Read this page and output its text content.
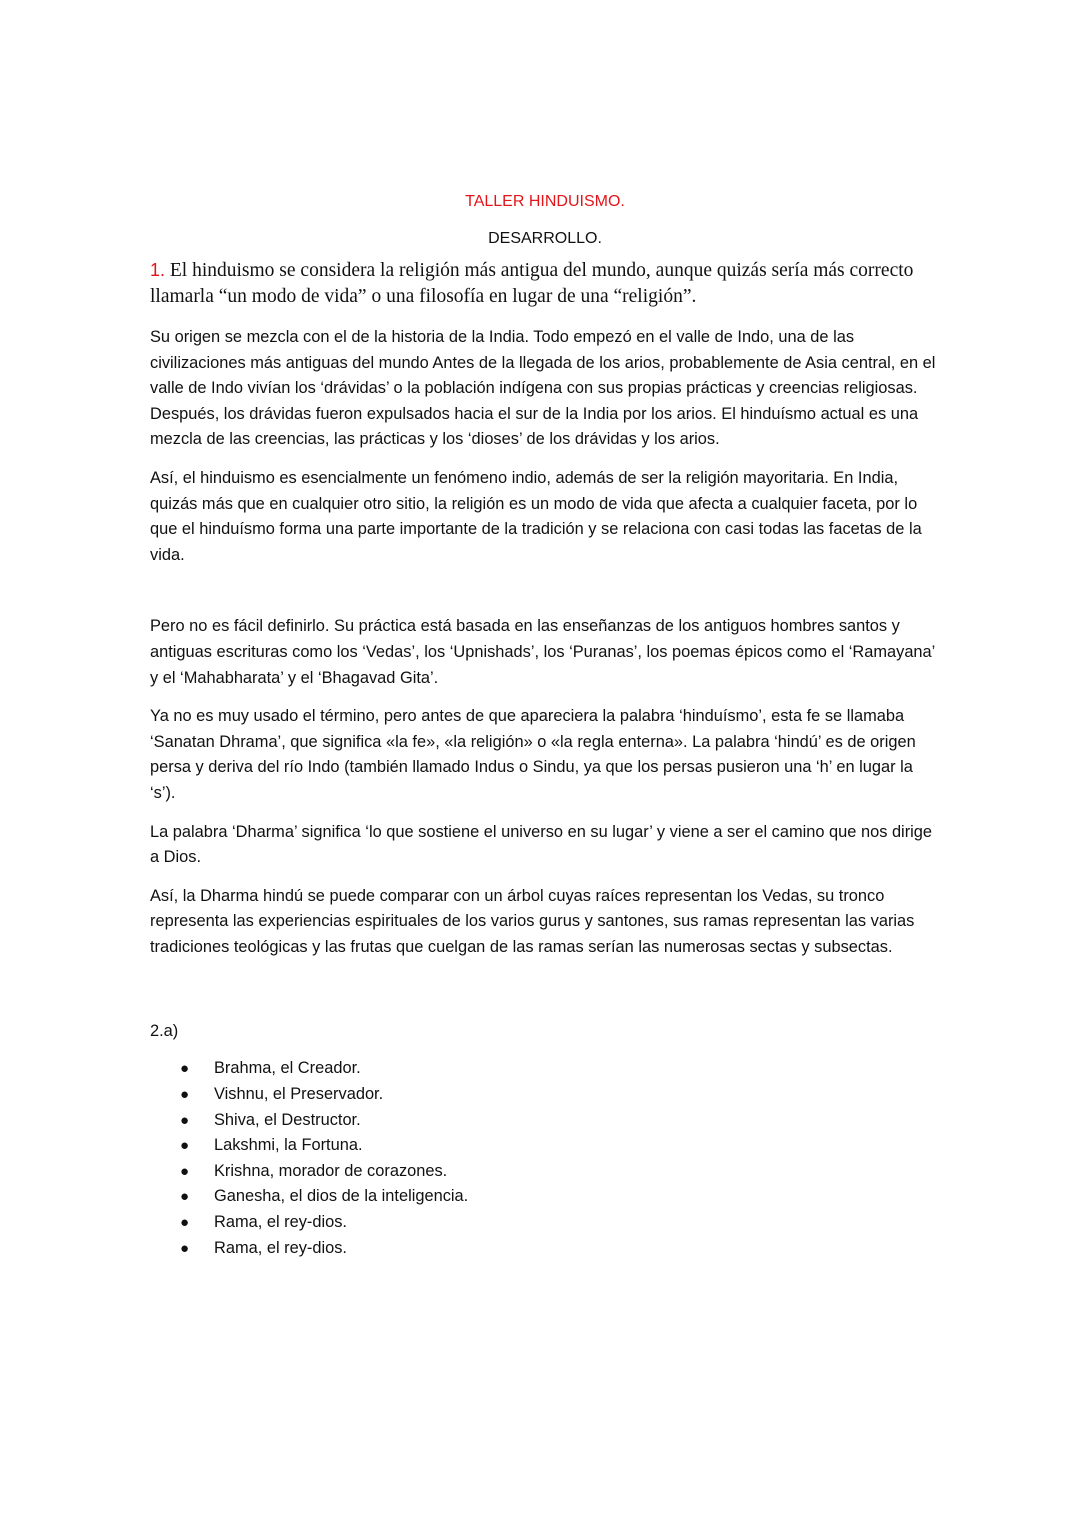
TALLER HINDUISMO.
DESARROLLO.
1. El hinduismo se considera la religión más antigua del mundo, aunque quizás sería más correcto llamarla “un modo de vida” o una filosofía en lugar de una “religión”.
Su origen se mezcla con el de la historia de la India. Todo empezó en el valle de Indo, una de las civilizaciones más antiguas del mundo Antes de la llegada de los arios, probablemente de Asia central, en el valle de Indo vivían los ‘drávidas’ o la población indígena con sus propias prácticas y creencias religiosas. Después, los drávidas fueron expulsados hacia el sur de la India por los arios. El hinduísmo actual es una mezcla de las creencias, las prácticas y los ‘dioses’ de los drávidas y los arios.
Así, el hinduismo es esencialmente un fenómeno indio, además de ser la religión mayoritaria. En India, quizás más que en cualquier otro sitio, la religión es un modo de vida que afecta a cualquier faceta, por lo que el hinduísmo forma una parte importante de la tradición y se relaciona con casi todas las facetas de la vida.
Pero no es fácil definirlo. Su práctica está basada en las enseñanzas de los antiguos hombres santos y antiguas escrituras como los ‘Vedas’, los ‘Upnishads’, los ‘Puranas’, los poemas épicos como el ‘Ramayana’ y el ‘Mahabharata’ y el ‘Bhagavad Gita’.
Ya no es muy usado el término, pero antes de que apareciera la palabra ‘hinduísmo’, esta fe se llamaba ‘Sanatan Dhrama’, que significa «la fe», «la religión» o «la regla enterna». La palabra ‘hindú’ es de origen persa y deriva del río Indo (también llamado Indus o Sindu, ya que los persas pusieron una ‘h’ en lugar la ‘s’).
La palabra ‘Dharma’ significa ‘lo que sostiene el universo en su lugar’ y viene a ser el camino que nos dirige a Dios.
Así, la Dharma hindú se puede comparar con un árbol cuyas raíces representan los Vedas, su tronco representa las experiencias espirituales de los varios gurus y santones, sus ramas representan las varias tradiciones teológicas y las frutas que cuelgan de las ramas serían las numerosas sectas y subsectas.
2.a)
● Brahma, el Creador.
● Vishnu, el Preservador.
● Shiva, el Destructor.
● Lakshmi, la Fortuna.
● Krishna, morador de corazones.
● Ganesha, el dios de la inteligencia.
● Rama, el rey-dios.
● Rama, el rey-dios.
